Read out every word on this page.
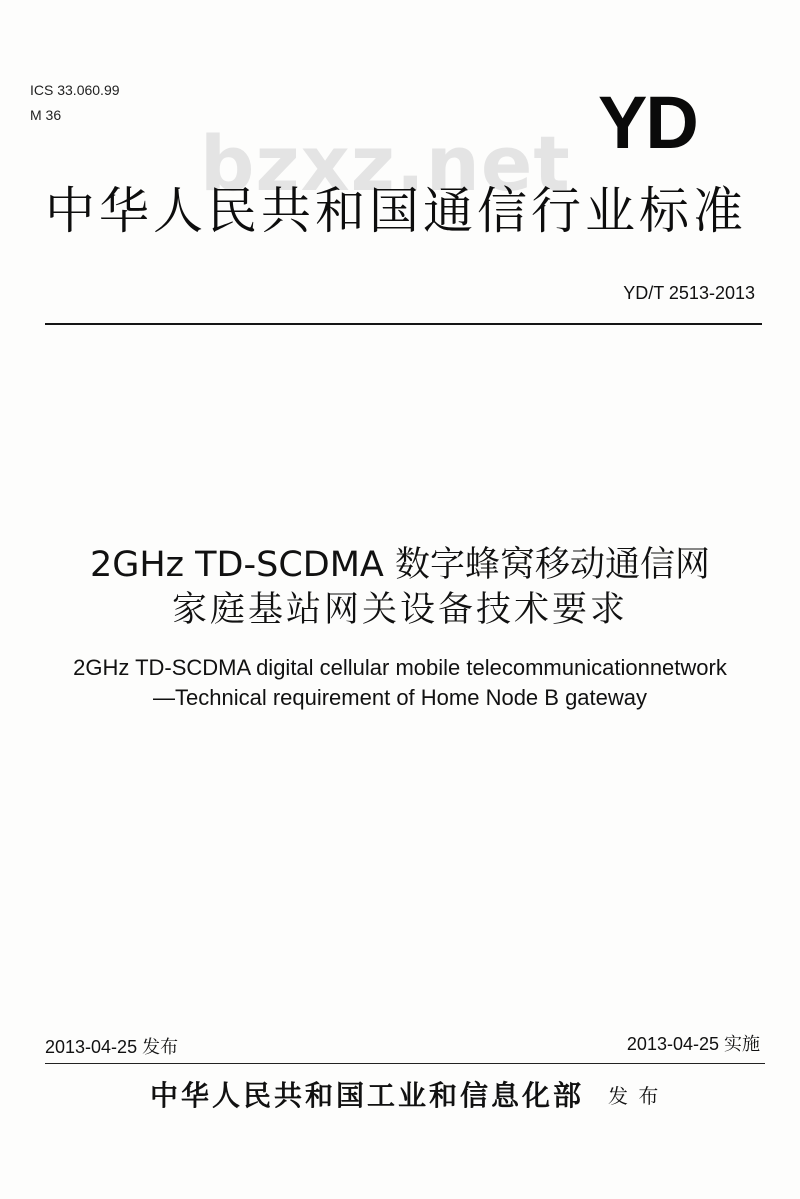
ICS 33.060.99
M 36
bzxz.net YD
中华人民共和国通信行业标准
YD/T 2513-2013
2GHz TD-SCDMA 数字蜂窝移动通信网
家庭基站网关设备技术要求
2GHz TD-SCDMA digital cellular mobile telecommunicationnetwork
—Technical requirement of Home Node B gateway
2013-04-25 发布	2013-04-25 实施
中华人民共和国工业和信息化部 发 布
